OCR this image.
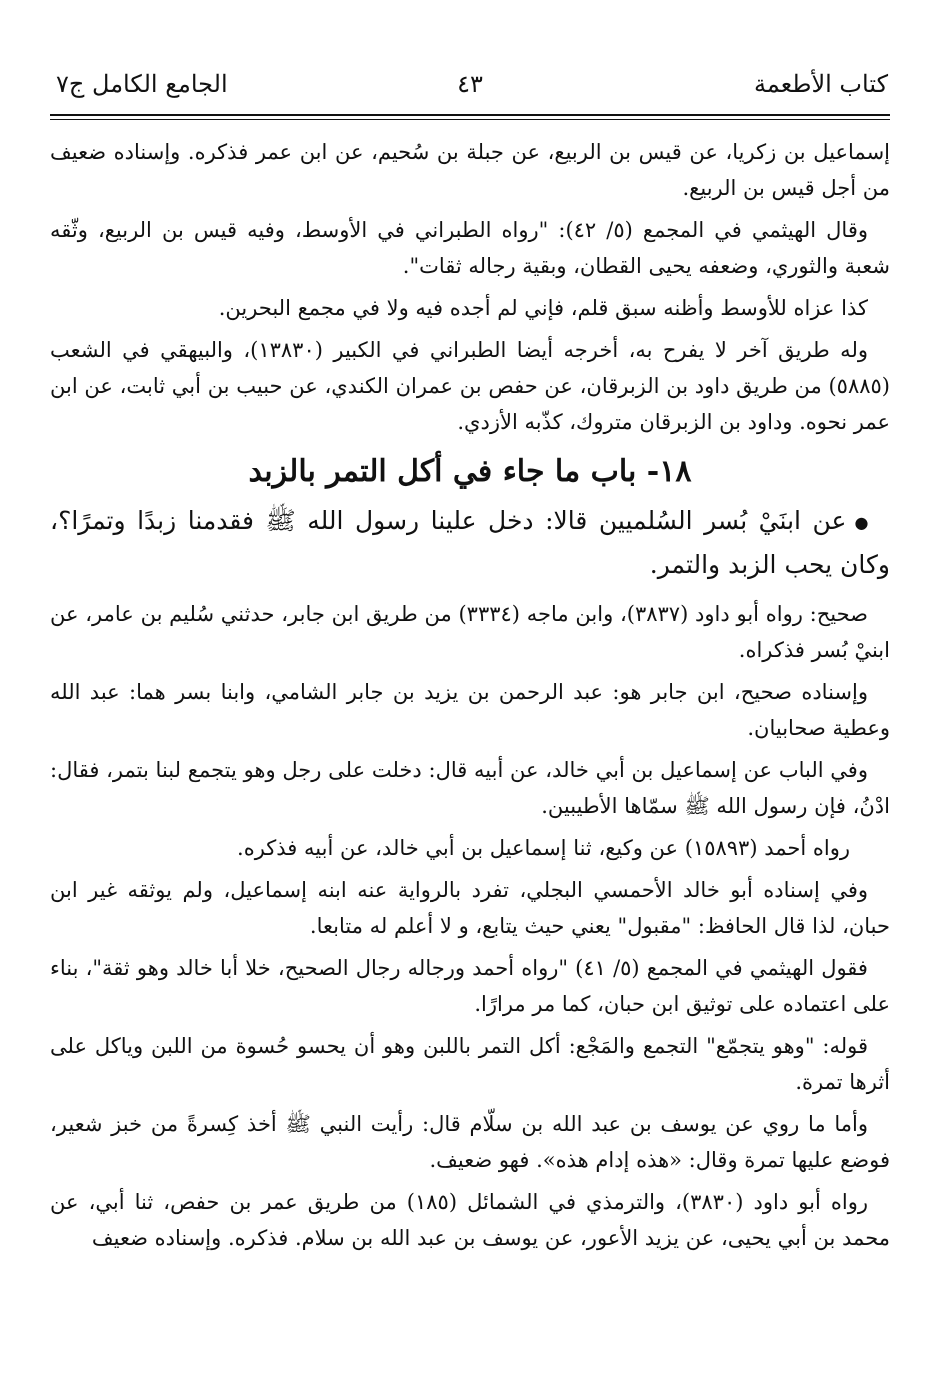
كتاب الأطعمة
٤٣
الجامع الكامل ج٧

إسماعيل بن زكريا، عن قيس بن الربيع، عن جبلة بن سُحيم، عن ابن عمر فذكره. وإسناده ضعيف من أجل قيس بن الربيع.

وقال الهيثمي في المجمع (٥/ ٤٢): "رواه الطبراني في الأوسط، وفيه قيس بن الربيع، وثّقه شعبة والثوري، وضعفه يحيى القطان، وبقية رجاله ثقات".

كذا عزاه للأوسط وأظنه سبق قلم، فإني لم أجده فيه ولا في مجمع البحرين.

وله طريق آخر لا يفرح به، أخرجه أيضا الطبراني في الكبير (١٣٨٣٠)، والبيهقي في الشعب (٥٨٨٥) من طريق داود بن الزبرقان، عن حفص بن عمران الكندي، عن حبيب بن أبي ثابت، عن ابن عمر نحوه. وداود بن الزبرقان متروك، كذّبه الأزدي.

١٨- باب ما جاء في أكل التمر بالزبد

●عن ابنَيْ بُسر السُلميين قالا: دخل علينا رسول الله ﷺ فقدمنا زبدًا وتمرًا؟، وكان يحب الزبد والتمر.

صحيح: رواه أبو داود (٣٨٣٧)، وابن ماجه (٣٣٣٤) من طريق ابن جابر، حدثني سُليم بن عامر، عن ابنيْ بُسر فذكراه.

وإسناده صحيح، ابن جابر هو: عبد الرحمن بن يزيد بن جابر الشامي، وابنا بسر هما: عبد الله وعطية صحابيان.

وفي الباب عن إسماعيل بن أبي خالد، عن أبيه قال: دخلت على رجل وهو يتجمع لبنا بتمر، فقال: ادْنُ، فإن رسول الله ﷺ سمّاها الأطيبين.

رواه أحمد (١٥٨٩٣) عن وكيع، ثنا إسماعيل بن أبي خالد، عن أبيه فذكره.

وفي إسناده أبو خالد الأحمسي البجلي، تفرد بالرواية عنه ابنه إسماعيل، ولم يوثقه غير ابن حبان، لذا قال الحافظ: "مقبول" يعني حيث يتابع، و لا أعلم له متابعا.

فقول الهيثمي في المجمع (٥/ ٤١) "رواه أحمد ورجاله رجال الصحيح، خلا أبا خالد وهو ثقة"، بناء على اعتماده على توثيق ابن حبان، كما مر مرارًا.

قوله: "وهو يتجمّع" التجمع والمَجْع: أكل التمر باللبن وهو أن يحسو حُسوة من اللبن وياكل على أثرها تمرة.

وأما ما روي عن يوسف بن عبد الله بن سلّام قال: رأيت النبي ﷺ أخذ كِسرةً من خبز شعير، فوضع عليها تمرة وقال: «هذه إدام هذه». فهو ضعيف.

رواه أبو داود (٣٨٣٠)، والترمذي في الشمائل (١٨٥) من طريق عمر بن حفص، ثنا أبي، عن محمد بن أبي يحيى، عن يزيد الأعور، عن يوسف بن عبد الله بن سلام. فذكره. وإسناده ضعيف
